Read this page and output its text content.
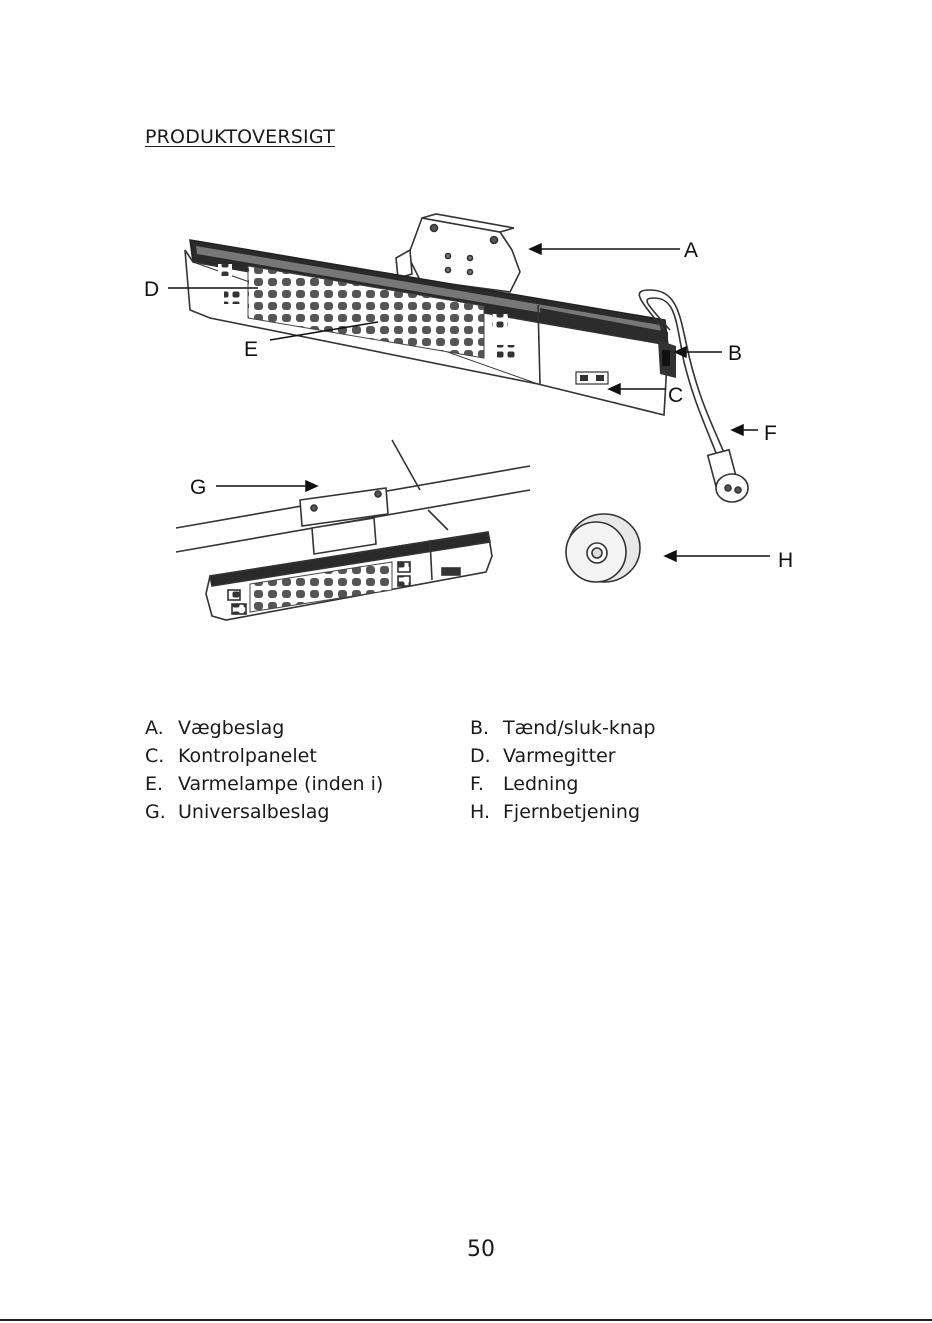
PRODUKTOVERSIGT
A
B
C
D
E
F
G
H
A. Vægbeslag	B. Tænd/sluk-knap
C. Kontrolpanelet	D. Varmegitter
E. Varmelampe (inden i)	F. Ledning
G. Universalbeslag	H. Fjernbetjening
50
